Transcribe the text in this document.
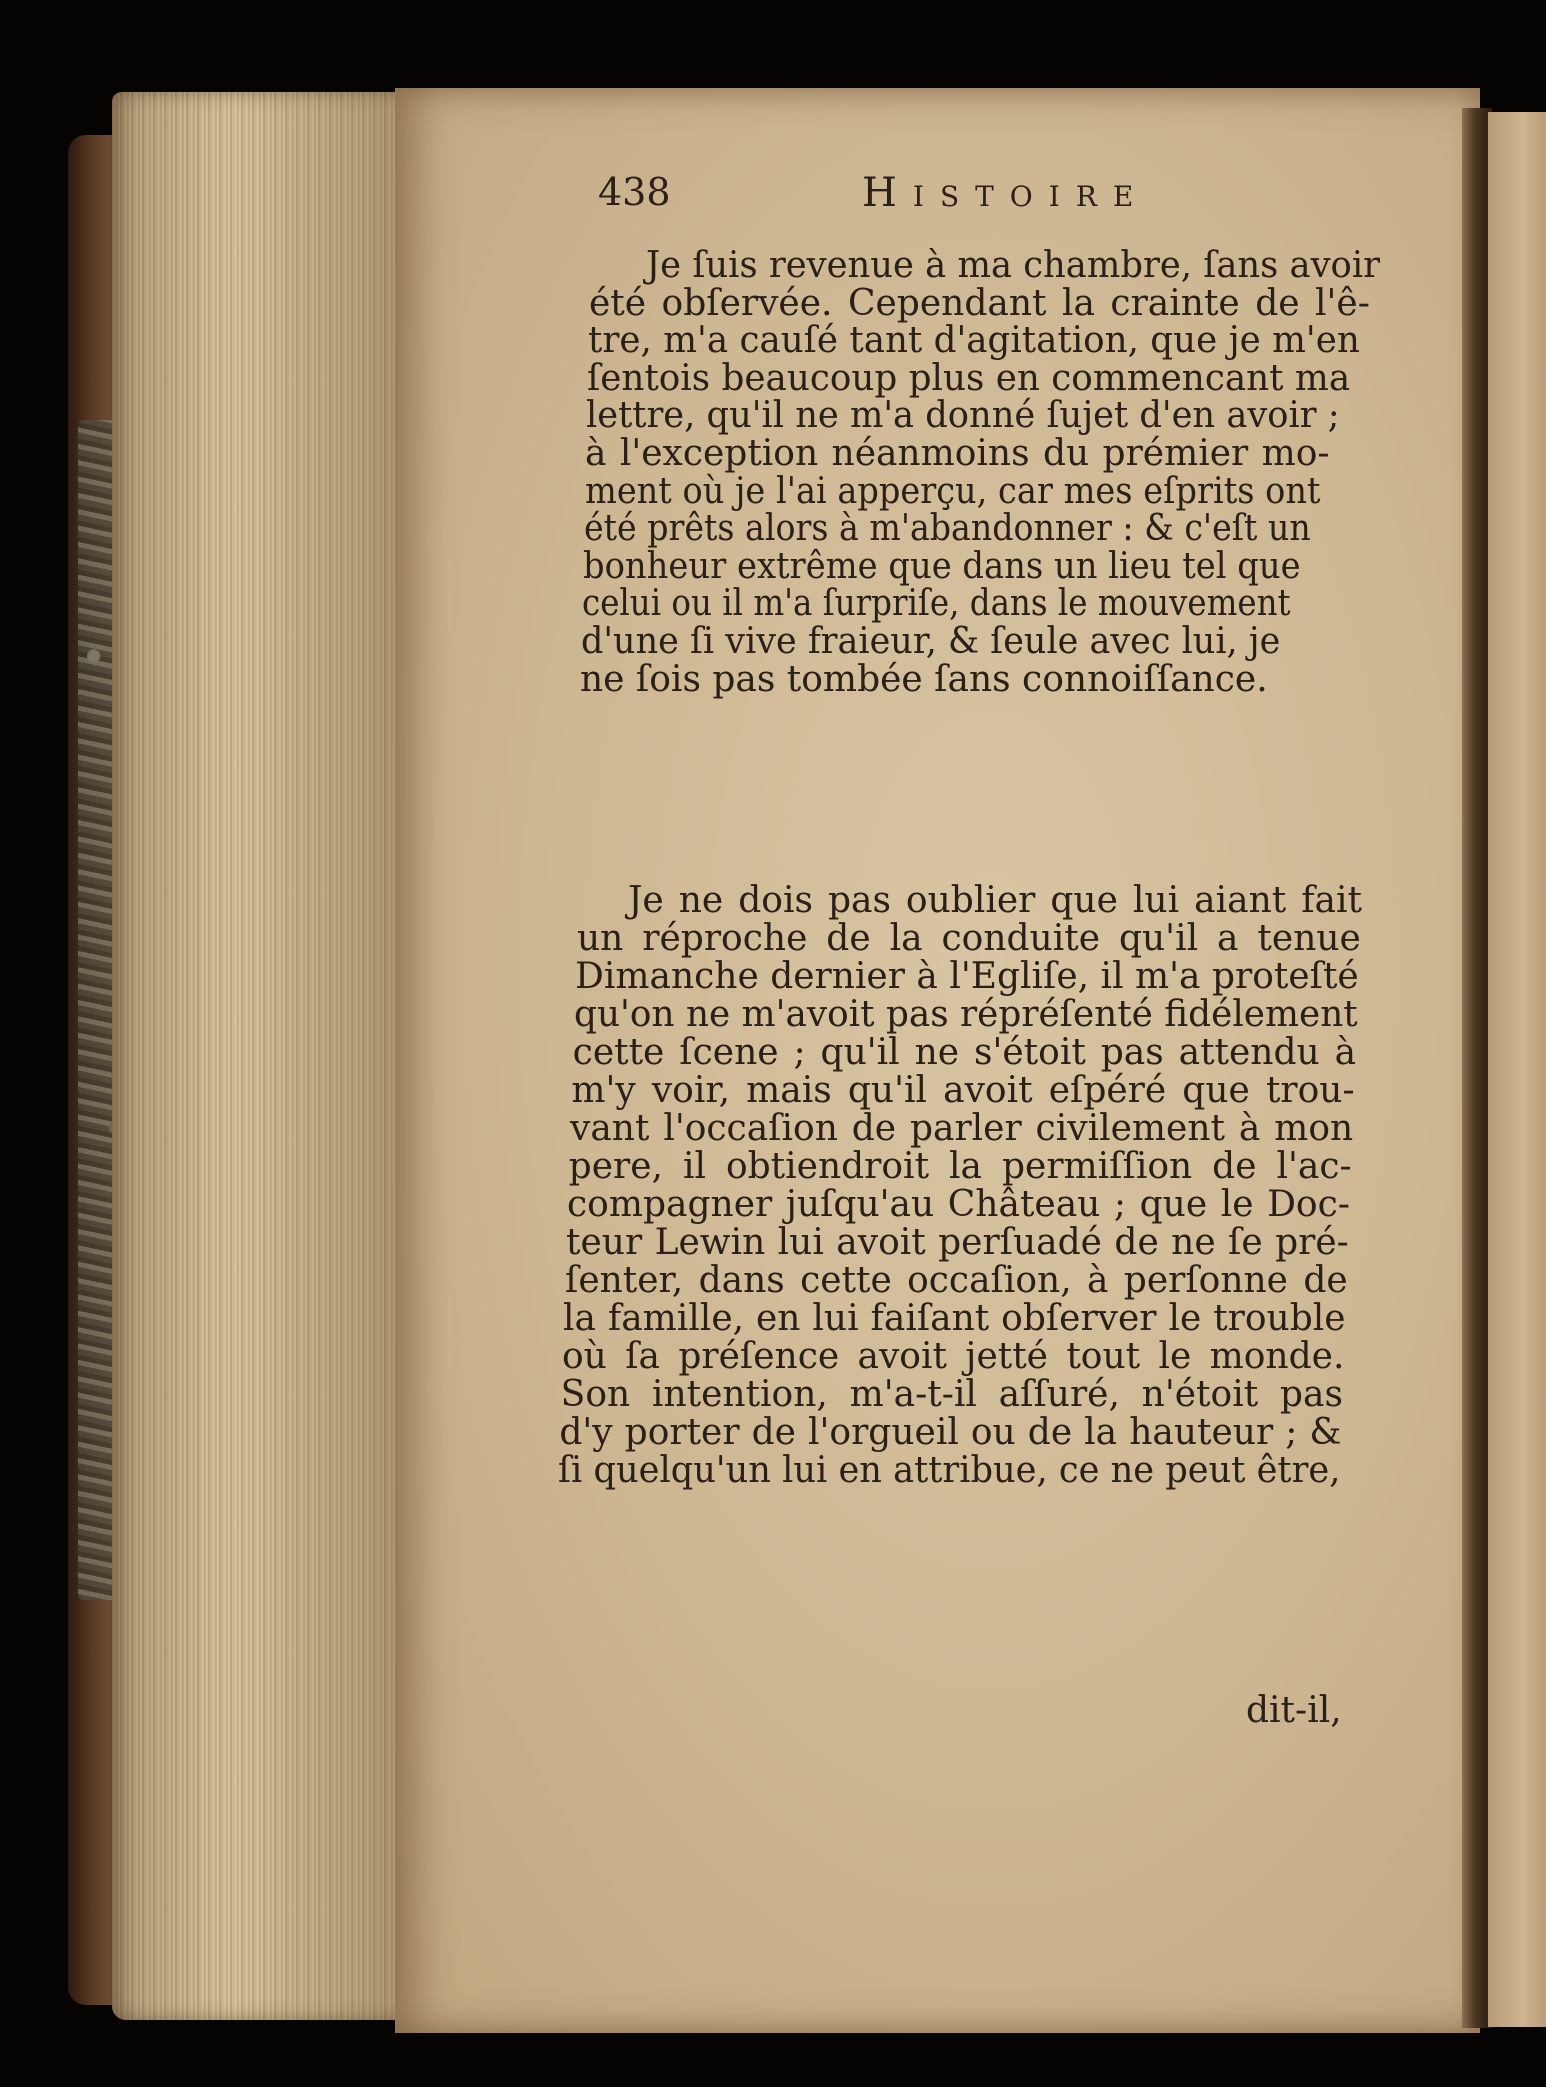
438	Histoire
Je ſuis revenue à ma chambre, ſans avoir
été obſervée. Cependant la crainte de l'ê-
tre, m'a cauſé tant d'agitation, que je m'en
ſentois beaucoup plus en commencant ma
lettre, qu'il ne m'a donné ſujet d'en avoir ;
à l'exception néanmoins du prémier mo-
ment où je l'ai apperçu, car mes eſprits ont
été prêts alors à m'abandonner : & c'eſt un
bonheur extrême que dans un lieu tel que
celui ou il m'a ſurpriſe, dans le mouvement
d'une ſi vive fraieur, & ſeule avec lui, je
ne ſois pas tombée ſans connoiſſance.
Je ne dois pas oublier que lui aiant fait
un réproche de la conduite qu'il a tenue
Dimanche dernier à l'Egliſe, il m'a proteſté
qu'on ne m'avoit pas répréſenté fidélement
cette ſcene ; qu'il ne s'étoit pas attendu à
m'y voir, mais qu'il avoit eſpéré que trou-
vant l'occaſion de parler civilement à mon
pere, il obtiendroit la permiſſion de l'ac-
compagner juſqu'au Château ; que le Doc-
teur Lewin lui avoit perſuadé de ne ſe pré-
ſenter, dans cette occaſion, à perſonne de
la famille, en lui faiſant obſerver le trouble
où ſa préſence avoit jetté tout le monde.
Son intention, m'a-t-il aſſuré, n'étoit pas
d'y porter de l'orgueil ou de la hauteur ; &
ſi quelqu'un lui en attribue, ce ne peut être,
dit-il,
